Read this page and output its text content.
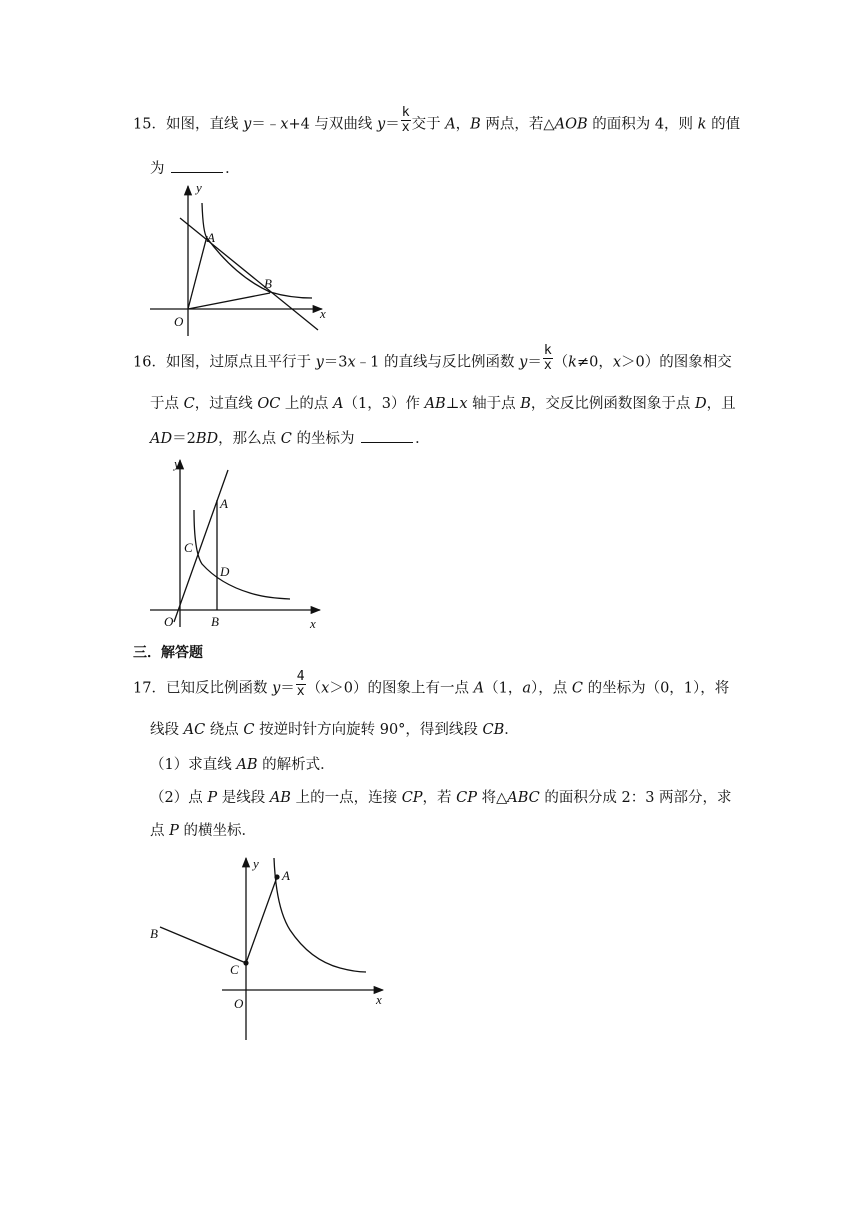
15．如图，直线 y＝﹣x+4 与双曲线 $y= \frac{k}{x}$ 交于 A，B 两点，若△AOB 的面积为 4，则 k 的值
为	．
y
x
O
A
B
16．如图，过原点且平行于 y＝3x﹣1 的直线与反比例函数 $y= \frac{k}{x} (k\ne 0$，x＞0）的图象相交
于点 C，过直线 OC 上的点 A（1，3）作 AB⊥x 轴于点 B，交反比例函数图象于点 D，且
AD＝2BD，那么点 C 的坐标为	．
y
x
O
A
B
C
D
三．解答题
17．已知反比例函数 $y= \frac{4}{x} (x>0)$的图象上有一点 A（1，a），点 C 的坐标为（0，1），将
线段 AC 绕点 C 按逆时针方向旋转 90°，得到线段 CB．
（1）求直线 AB 的解析式．
（2）点 P 是线段 AB 上的一点，连接 CP，若 CP 将△ABC 的面积分成 2：3 两部分，求
点 P 的横坐标．
y
x
O
A
B
C
